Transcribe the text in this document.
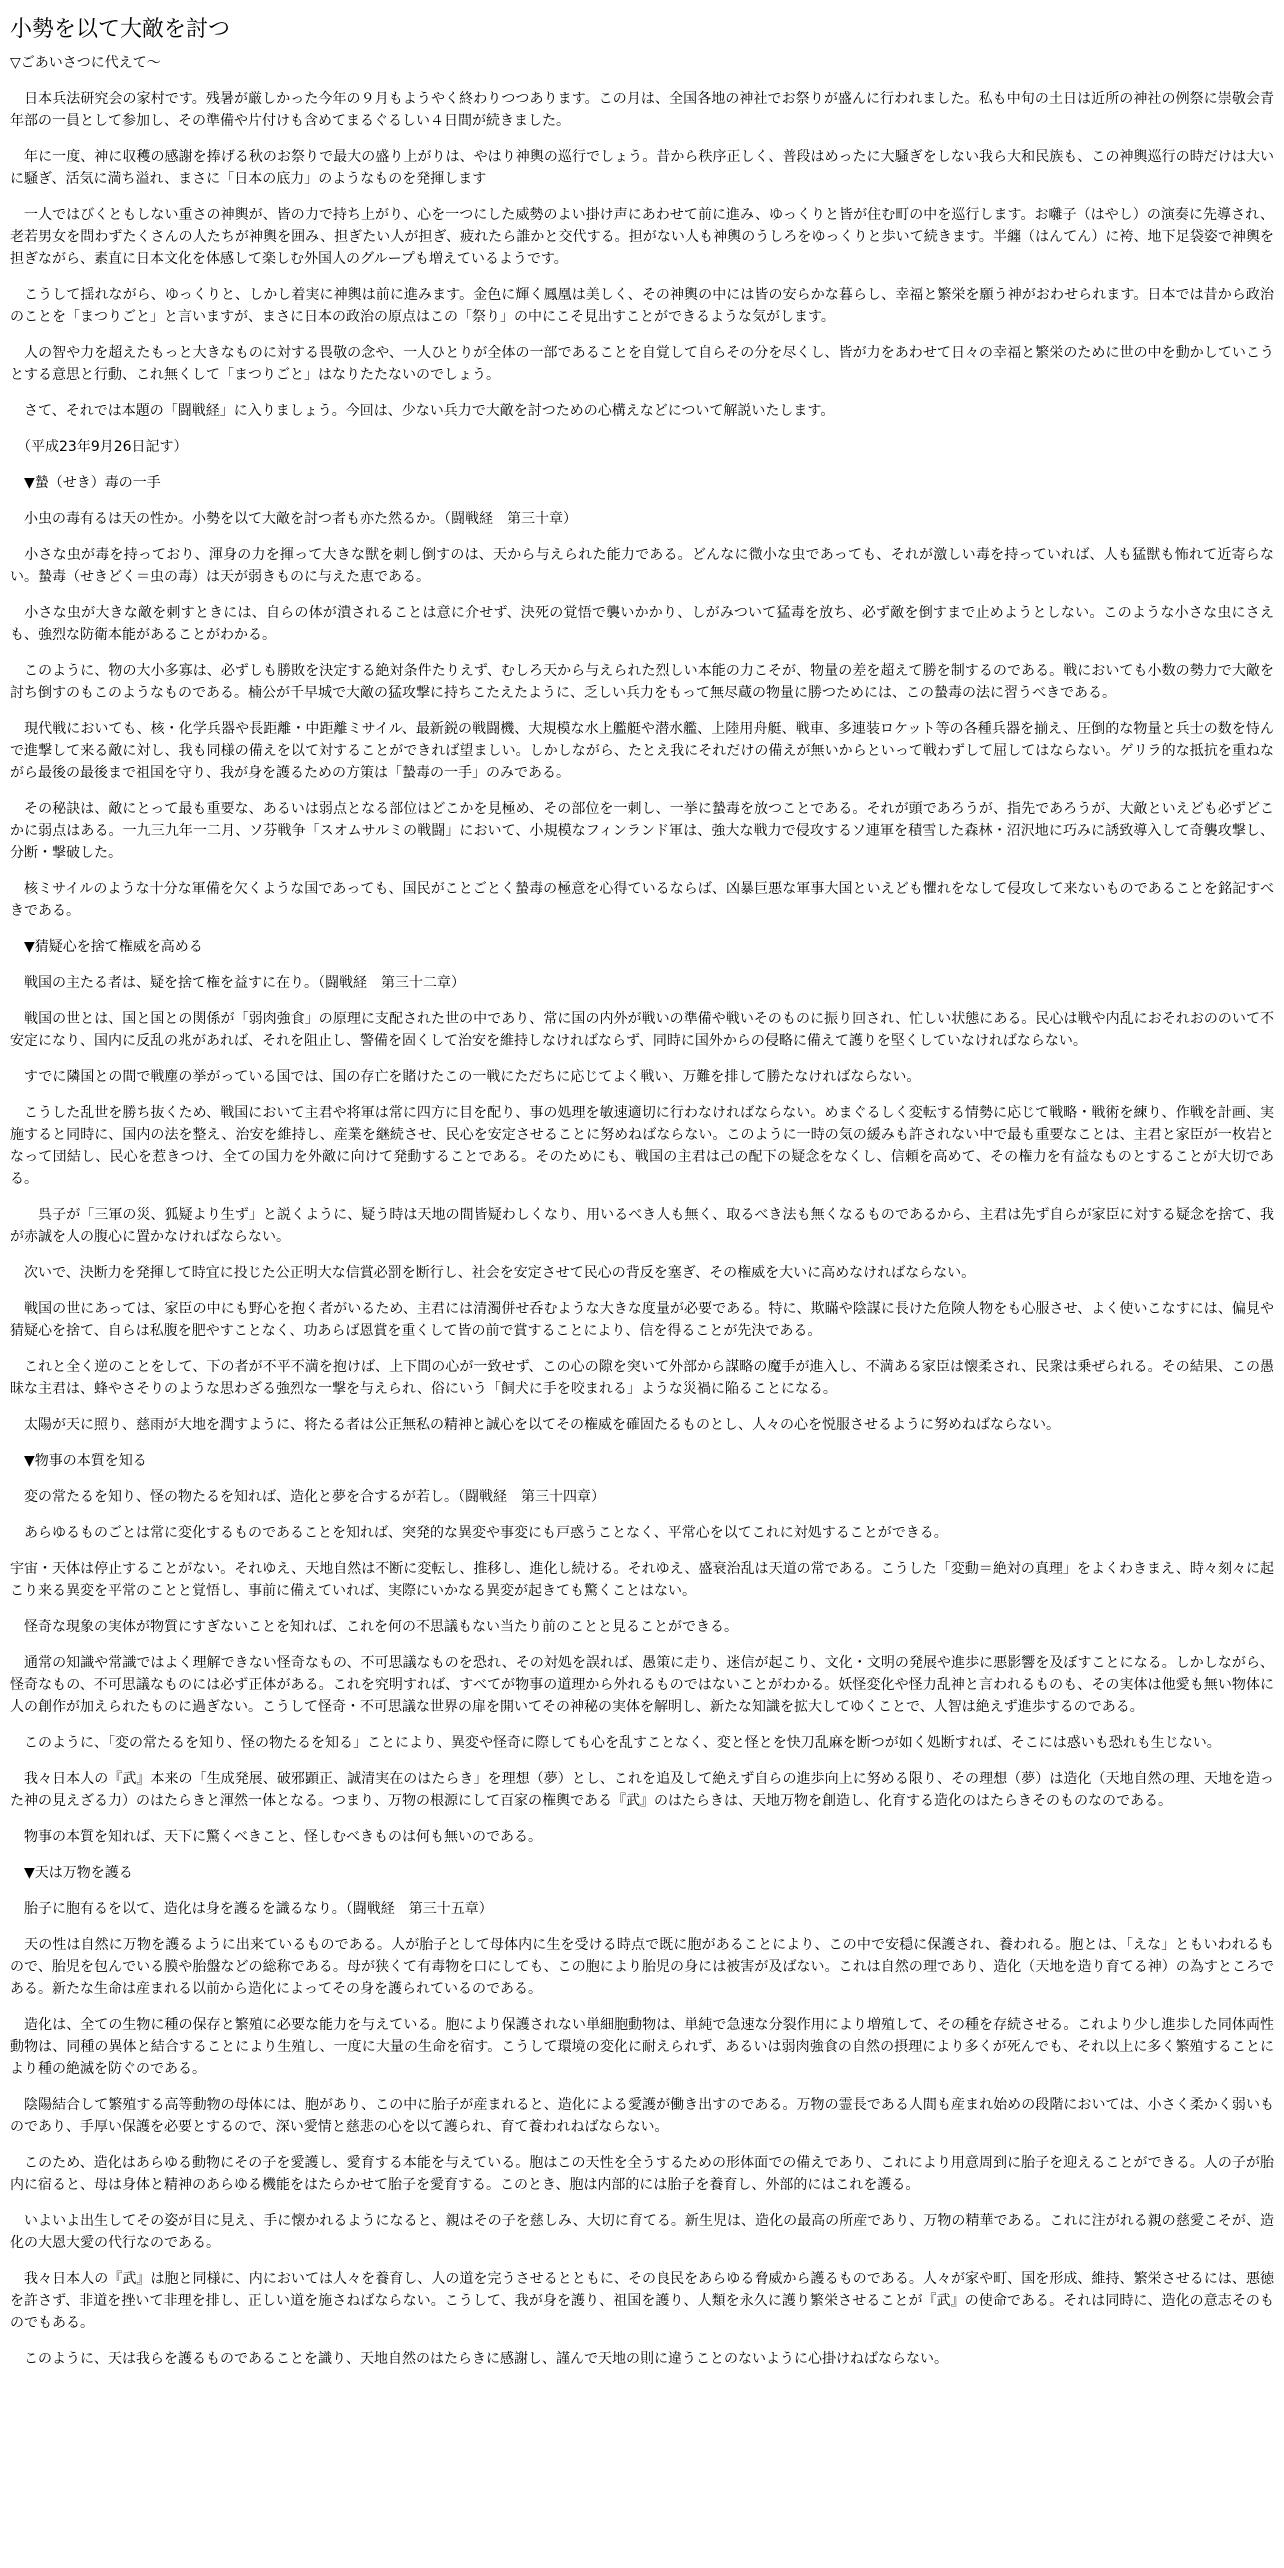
小勢を以て大敵を討つ

▽ごあいさつに代えて～

　日本兵法研究会の家村です。残暑が厳しかった今年の９月もようやく終わりつつあります。この月は、全国各地の神社でお祭りが盛んに行われました。私も中旬の土日は近所の神社の例祭に崇敬会青年部の一員として参加し、その準備や片付けも含めてまるぐるしい４日間が続きました。

　年に一度、神に収穫の感謝を捧げる秋のお祭りで最大の盛り上がりは、やはり神輿の巡行でしょう。昔から秩序正しく、普段はめったに大騒ぎをしない我ら大和民族も、この神輿巡行の時だけは大いに騒ぎ、活気に満ち溢れ、まさに「日本の底力」のようなものを発揮します

　一人ではびくともしない重さの神輿が、皆の力で持ち上がり、心を一つにした威勢のよい掛け声にあわせて前に進み、ゆっくりと皆が住む町の中を巡行します。お囃子（はやし）の演奏に先導され、老若男女を問わずたくさんの人たちが神輿を囲み、担ぎたい人が担ぎ、疲れたら誰かと交代する。担がない人も神輿のうしろをゆっくりと歩いて続きます。半纏（はんてん）に袴、地下足袋姿で神輿を担ぎながら、素直に日本文化を体感して楽しむ外国人のグループも増えているようです。

　こうして揺れながら、ゆっくりと、しかし着実に神輿は前に進みます。金色に輝く鳳凰は美しく、その神輿の中には皆の安らかな暮らし、幸福と繁栄を願う神がおわせられます。日本では昔から政治のことを「まつりごと」と言いますが、まさに日本の政治の原点はこの「祭り」の中にこそ見出すことができるような気がします。

　人の智や力を超えたもっと大きなものに対する畏敬の念や、一人ひとりが全体の一部であることを自覚して自らその分を尽くし、皆が力をあわせて日々の幸福と繁栄のために世の中を動かしていこうとする意思と行動、これ無くして「まつりごと」はなりたたないのでしょう。

　さて、それでは本題の「闘戦経」に入りましょう。今回は、少ない兵力で大敵を討つための心構えなどについて解説いたします。

　（平成23年9月26日記す）

　▼蟄（せき）毒の一手

　小虫の毒有るは天の性か。小勢を以て大敵を討つ者も亦た然るか。（闘戦経　第三十章）

　小さな虫が毒を持っており、渾身の力を揮って大きな獣を刺し倒すのは、天から与えられた能力である。どんなに微小な虫であっても、それが激しい毒を持っていれば、人も猛獣も怖れて近寄らない。蟄毒（せきどく＝虫の毒）は天が弱きものに与えた恵である。

　小さな虫が大きな敵を刺すときには、自らの体が潰されることは意に介せず、決死の覚悟で襲いかかり、しがみついて猛毒を放ち、必ず敵を倒すまで止めようとしない。このような小さな虫にさえも、強烈な防衛本能があることがわかる。

　このように、物の大小多寡は、必ずしも勝敗を決定する絶対条件たりえず、むしろ天から与えられた烈しい本能の力こそが、物量の差を超えて勝を制するのである。戦においても小数の勢力で大敵を討ち倒すのもこのようなものである。楠公が千早城で大敵の猛攻撃に持ちこたえたように、乏しい兵力をもって無尽蔵の物量に勝つためには、この蟄毒の法に習うべきである。

　現代戦においても、核・化学兵器や長距離・中距離ミサイル、最新鋭の戦闘機、大規模な水上艦艇や潜水艦、上陸用舟艇、戦車、多連装ロケット等の各種兵器を揃え、圧倒的な物量と兵士の数を恃んで進撃して来る敵に対し、我も同様の備えを以て対することができれば望ましい。しかしながら、たとえ我にそれだけの備えが無いからといって戦わずして屈してはならない。ゲリラ的な抵抗を重ねながら最後の最後まで祖国を守り、我が身を護るための方策は「蟄毒の一手」のみである。

　その秘訣は、敵にとって最も重要な、あるいは弱点となる部位はどこかを見極め、その部位を一刺し、一挙に蟄毒を放つことである。それが頭であろうが、指先であろうが、大敵といえども必ずどこかに弱点はある。一九三九年一二月、ソ芬戦争「スオムサルミの戦闘」において、小規模なフィンランド軍は、強大な戦力で侵攻するソ連軍を積雪した森林・沼沢地に巧みに誘致導入して奇襲攻撃し、分断・撃破した。

　核ミサイルのような十分な軍備を欠くような国であっても、国民がことごとく蟄毒の極意を心得ているならば、凶暴巨悪な軍事大国といえども懼れをなして侵攻して来ないものであることを銘記すべきである。

　▼猜疑心を捨て権威を高める

　戦国の主たる者は、疑を捨て権を益すに在り。（闘戦経　第三十二章）

　戦国の世とは、国と国との関係が「弱肉強食」の原理に支配された世の中であり、常に国の内外が戦いの準備や戦いそのものに振り回され、忙しい状態にある。民心は戦や内乱におそれおののいて不安定になり、国内に反乱の兆があれば、それを阻止し、警備を固くして治安を維持しなければならず、同時に国外からの侵略に備えて護りを堅くしていなければならない。

　すでに隣国との間で戦塵の挙がっている国では、国の存亡を賭けたこの一戦にただちに応じてよく戦い、万難を排して勝たなければならない。

　こうした乱世を勝ち抜くため、戦国において主君や将軍は常に四方に目を配り、事の処理を敏速適切に行わなければならない。めまぐるしく変転する情勢に応じて戦略・戦術を練り、作戦を計画、実施すると同時に、国内の法を整え、治安を維持し、産業を継続させ、民心を安定させることに努めねばならない。このように一時の気の緩みも許されない中で最も重要なことは、主君と家臣が一枚岩となって団結し、民心を惹きつけ、全ての国力を外敵に向けて発動することである。そのためにも、戦国の主君は己の配下の疑念をなくし、信頼を高めて、その権力を有益なものとすることが大切である。

　　呉子が「三軍の災、狐疑より生ず」と説くように、疑う時は天地の間皆疑わしくなり、用いるべき人も無く、取るべき法も無くなるものであるから、主君は先ず自らが家臣に対する疑念を捨て、我が赤誠を人の腹心に置かなければならない。

　次いで、決断力を発揮して時宜に投じた公正明大な信賞必罰を断行し、社会を安定させて民心の背反を塞ぎ、その権威を大いに高めなければならない。

　戦国の世にあっては、家臣の中にも野心を抱く者がいるため、主君には清濁併せ呑むような大きな度量が必要である。特に、欺瞞や陰謀に長けた危険人物をも心服させ、よく使いこなすには、偏見や猜疑心を捨て、自らは私腹を肥やすことなく、功あらば恩賞を重くして皆の前で賞することにより、信を得ることが先決である。

　これと全く逆のことをして、下の者が不平不満を抱けば、上下間の心が一致せず、この心の隙を突いて外部から謀略の魔手が進入し、不満ある家臣は懐柔され、民衆は乗ぜられる。その結果、この愚昧な主君は、蜂やさそりのような思わざる強烈な一撃を与えられ、俗にいう「飼犬に手を咬まれる」ような災禍に陥ることになる。

　太陽が天に照り、慈雨が大地を潤すように、将たる者は公正無私の精神と誠心を以てその権威を確固たるものとし、人々の心を悦服させるように努めねばならない。

　▼物事の本質を知る

　変の常たるを知り、怪の物たるを知れば、造化と夢を合するが若し。（闘戦経　第三十四章）

　あらゆるものごとは常に変化するものであることを知れば、突発的な異変や事変にも戸惑うことなく、平常心を以てこれに対処することができる。

宇宙・天体は停止することがない。それゆえ、天地自然は不断に変転し、推移し、進化し続ける。それゆえ、盛衰治乱は天道の常である。こうした「変動＝絶対の真理」をよくわきまえ、時々刻々に起こり来る異変を平常のことと覚悟し、事前に備えていれば、実際にいかなる異変が起きても驚くことはない。

　怪奇な現象の実体が物質にすぎないことを知れば、これを何の不思議もない当たり前のことと見ることができる。

　通常の知識や常識ではよく理解できない怪奇なもの、不可思議なものを恐れ、その対処を誤れば、愚策に走り、迷信が起こり、文化・文明の発展や進歩に悪影響を及ぼすことになる。しかしながら、怪奇なもの、不可思議なものには必ず正体がある。これを究明すれば、すべてが物事の道理から外れるものではないことがわかる。妖怪変化や怪力乱神と言われるものも、その実体は他愛も無い物体に人の創作が加えられたものに過ぎない。こうして怪奇・不可思議な世界の扉を開いてその神秘の実体を解明し、新たな知識を拡大してゆくことで、人智は絶えず進歩するのである。

　このように、「変の常たるを知り、怪の物たるを知る」ことにより、異変や怪奇に際しても心を乱すことなく、変と怪とを快刀乱麻を断つが如く処断すれば、そこには惑いも恐れも生じない。

　我々日本人の『武』本来の「生成発展、破邪顕正、誠清実在のはたらき」を理想（夢）とし、これを追及して絶えず自らの進歩向上に努める限り、その理想（夢）は造化（天地自然の理、天地を造った神の見えざる力）のはたらきと渾然一体となる。つまり、万物の根源にして百家の権輿である『武』のはたらきは、天地万物を創造し、化育する造化のはたらきそのものなのである。

　物事の本質を知れば、天下に驚くべきこと、怪しむべきものは何も無いのである。

　▼天は万物を護る

　胎子に胞有るを以て、造化は身を護るを識るなり。（闘戦経　第三十五章）

　天の性は自然に万物を護るように出来ているものである。人が胎子として母体内に生を受ける時点で既に胞があることにより、この中で安穏に保護され、養われる。胞とは、「えな」ともいわれるもので、胎児を包んでいる膜や胎盤などの総称である。母が狭くて有毒物を口にしても、この胞により胎児の身には被害が及ばない。これは自然の理であり、造化（天地を造り育てる神）の為すところである。新たな生命は産まれる以前から造化によってその身を護られているのである。

　造化は、全ての生物に種の保存と繁殖に必要な能力を与えている。胞により保護されない単細胞動物は、単純で急速な分裂作用により増殖して、その種を存続させる。これより少し進歩した同体両性動物は、同種の異体と結合することにより生殖し、一度に大量の生命を宿す。こうして環境の変化に耐えられず、あるいは弱肉強食の自然の摂理により多くが死んでも、それ以上に多く繁殖することにより種の絶滅を防ぐのである。

　陰陽結合して繁殖する高等動物の母体には、胞があり、この中に胎子が産まれると、造化による愛護が働き出すのである。万物の霊長である人間も産まれ始めの段階においては、小さく柔かく弱いものであり、手厚い保護を必要とするので、深い愛情と慈悲の心を以て護られ、育て養われねばならない。

　このため、造化はあらゆる動物にその子を愛護し、愛育する本能を与えている。胞はこの天性を全うするための形体面での備えであり、これにより用意周到に胎子を迎えることができる。人の子が胎内に宿ると、母は身体と精神のあらゆる機能をはたらかせて胎子を愛育する。このとき、胞は内部的には胎子を養育し、外部的にはこれを護る。

　いよいよ出生してその姿が目に見え、手に懐かれるようになると、親はその子を慈しみ、大切に育てる。新生児は、造化の最高の所産であり、万物の精華である。これに注がれる親の慈愛こそが、造化の大恩大愛の代行なのである。

　我々日本人の『武』は胞と同様に、内においては人々を養育し、人の道を完うさせるとともに、その良民をあらゆる脅威から護るものである。人々が家や町、国を形成、維持、繁栄させるには、悪徳を許さず、非道を挫いて非理を排し、正しい道を施さねばならない。こうして、我が身を護り、祖国を護り、人類を永久に護り繁栄させることが『武』の使命である。それは同時に、造化の意志そのものでもある。

　このように、天は我らを護るものであることを識り、天地自然のはたらきに感謝し、謹んで天地の則に違うことのないように心掛けねばならない。
